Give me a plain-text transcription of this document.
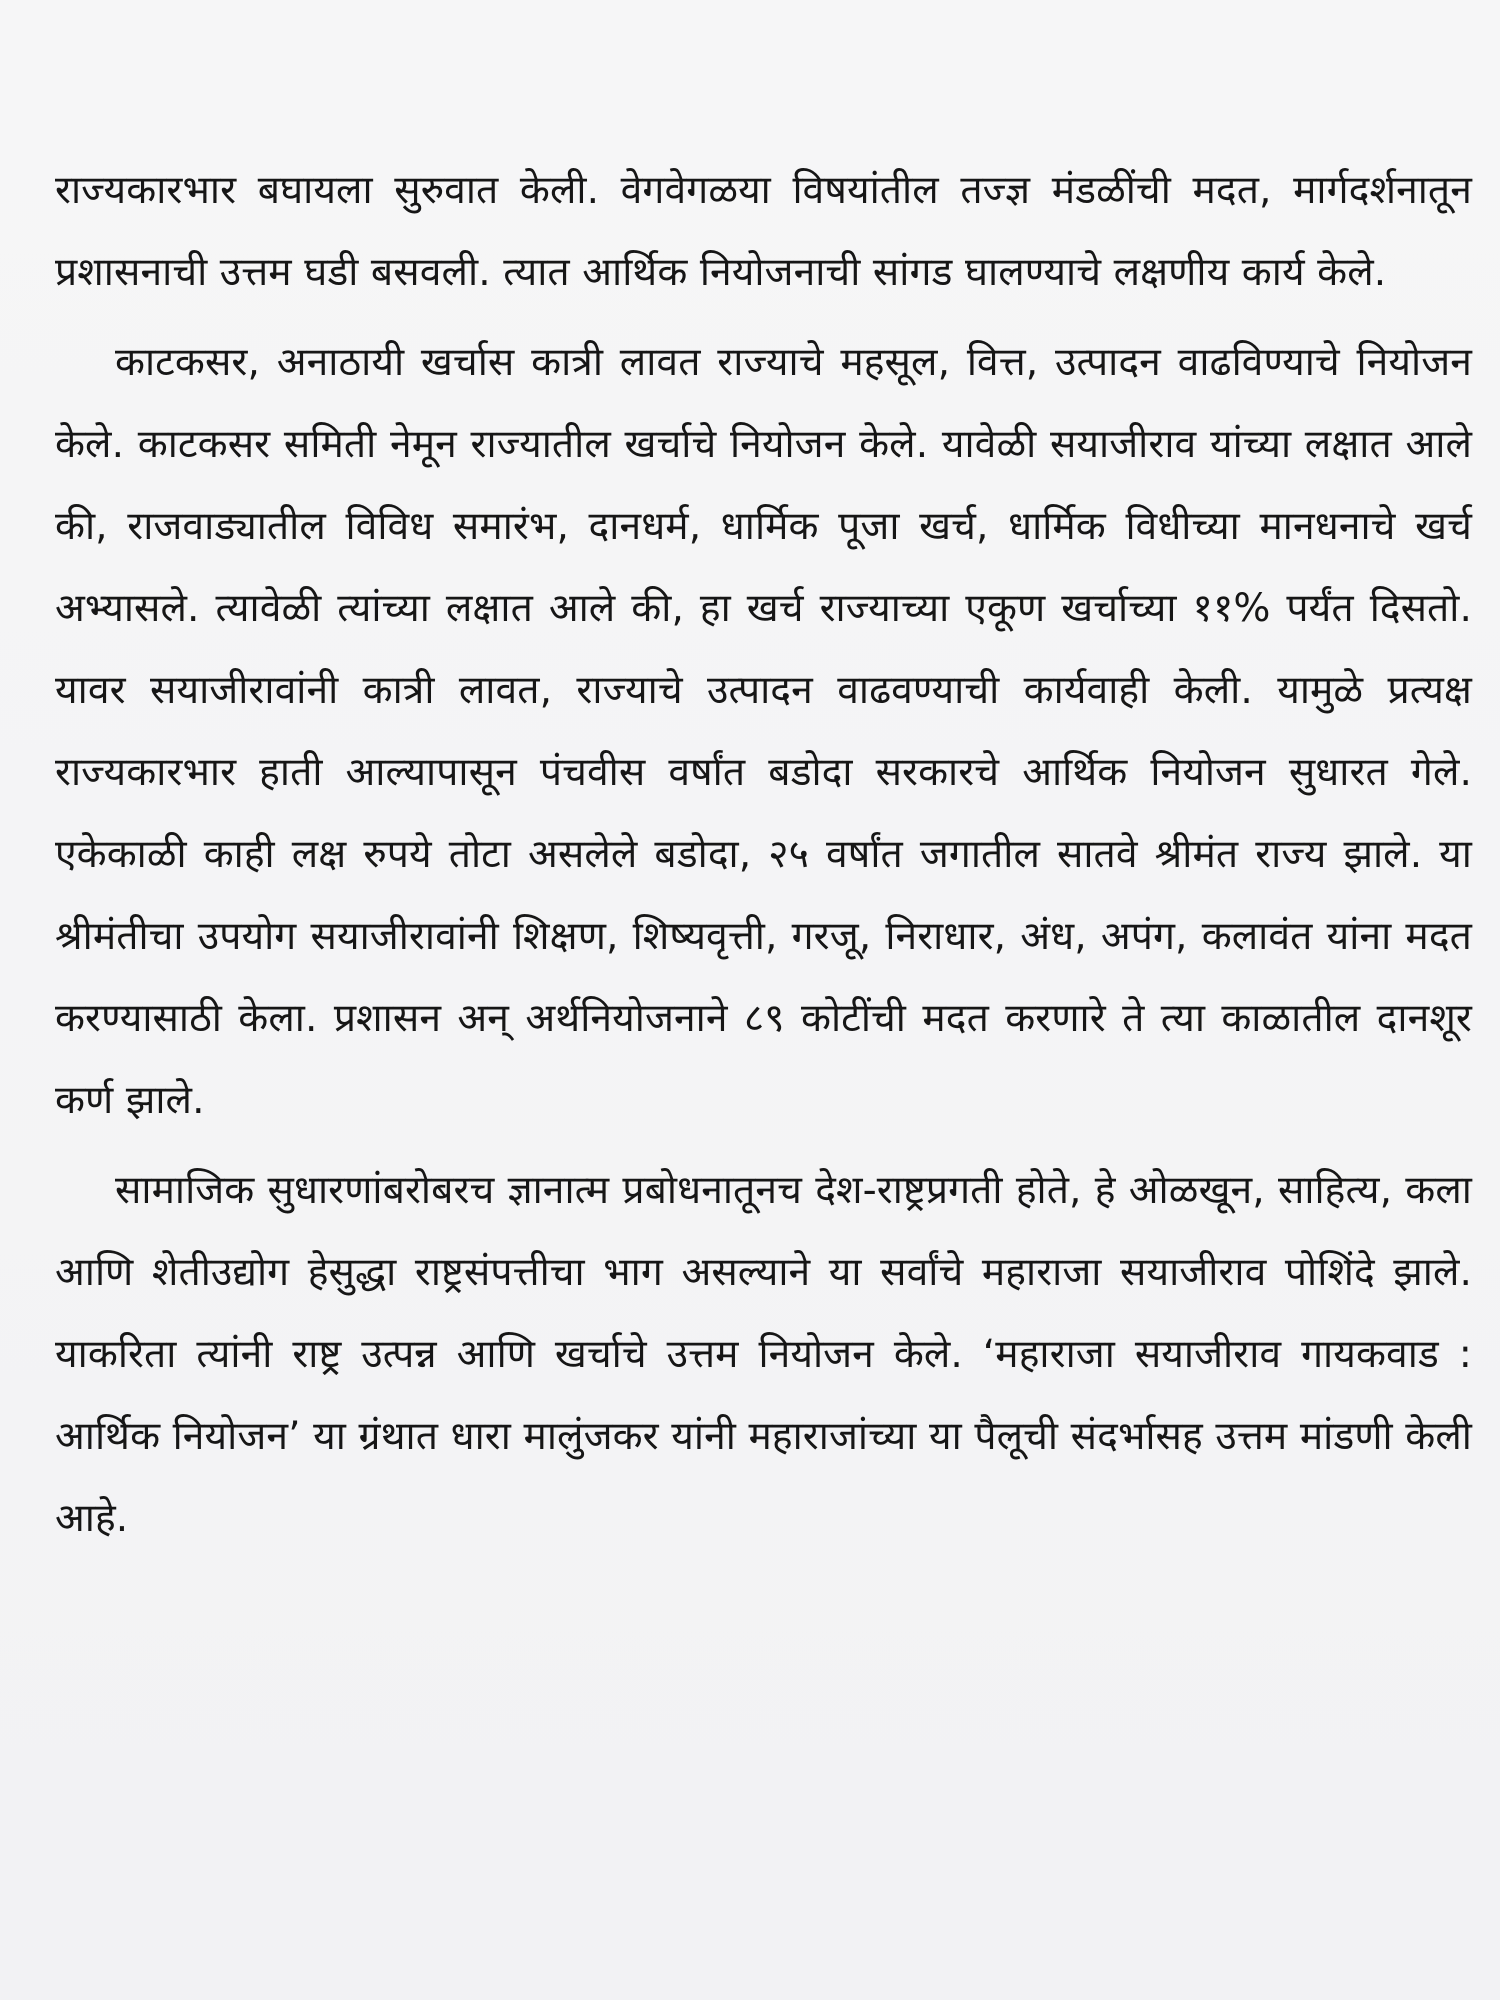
राज्यकारभार बघायला सुरुवात केली. वेगवेगळया विषयांतील तज्ज्ञ मंडळींची मदत, मार्गदर्शनातून प्रशासनाची उत्तम घडी बसवली. त्यात आर्थिक नियोजनाची सांगड घालण्याचे लक्षणीय कार्य केले.

काटकसर, अनाठायी खर्चास कात्री लावत राज्याचे महसूल, वित्त, उत्पादन वाढविण्याचे नियोजन केले. काटकसर समिती नेमून राज्यातील खर्चाचे नियोजन केले. यावेळी सयाजीराव यांच्या लक्षात आले की, राजवाड्यातील विविध समारंभ, दानधर्म, धार्मिक पूजा खर्च, धार्मिक विधीच्या मानधनाचे खर्च अभ्यासले. त्यावेळी त्यांच्या लक्षात आले की, हा खर्च राज्याच्या एकूण खर्चाच्या ११% पर्यंत दिसतो. यावर सयाजीरावांनी कात्री लावत, राज्याचे उत्पादन वाढवण्याची कार्यवाही केली. यामुळे प्रत्यक्ष राज्यकारभार हाती आल्यापासून पंचवीस वर्षांत बडोदा सरकारचे आर्थिक नियोजन सुधारत गेले. एकेकाळी काही लक्ष रुपये तोटा असलेले बडोदा, २५ वर्षांत जगातील सातवे श्रीमंत राज्य झाले. या श्रीमंतीचा उपयोग सयाजीरावांनी शिक्षण, शिष्यवृत्ती, गरजू, निराधार, अंध, अपंग, कलावंत यांना मदत करण्यासाठी केला. प्रशासन अन् अर्थनियोजनाने ८९ कोटींची मदत करणारे ते त्या काळातील दानशूर कर्ण झाले.

सामाजिक सुधारणांबरोबरच ज्ञानात्म प्रबोधनातूनच देश-राष्ट्रप्रगती होते, हे ओळखून, साहित्य, कला आणि शेतीउद्योग हेसुद्धा राष्ट्रसंपत्तीचा भाग असल्याने या सर्वांचे महाराजा सयाजीराव पोशिंदे झाले. याकरिता त्यांनी राष्ट्र उत्पन्न आणि खर्चाचे उत्तम नियोजन केले. ‘महाराजा सयाजीराव गायकवाड : आर्थिक नियोजन’ या ग्रंथात धारा मालुंजकर यांनी महाराजांच्या या पैलूची संदर्भासह उत्तम मांडणी केली आहे.
